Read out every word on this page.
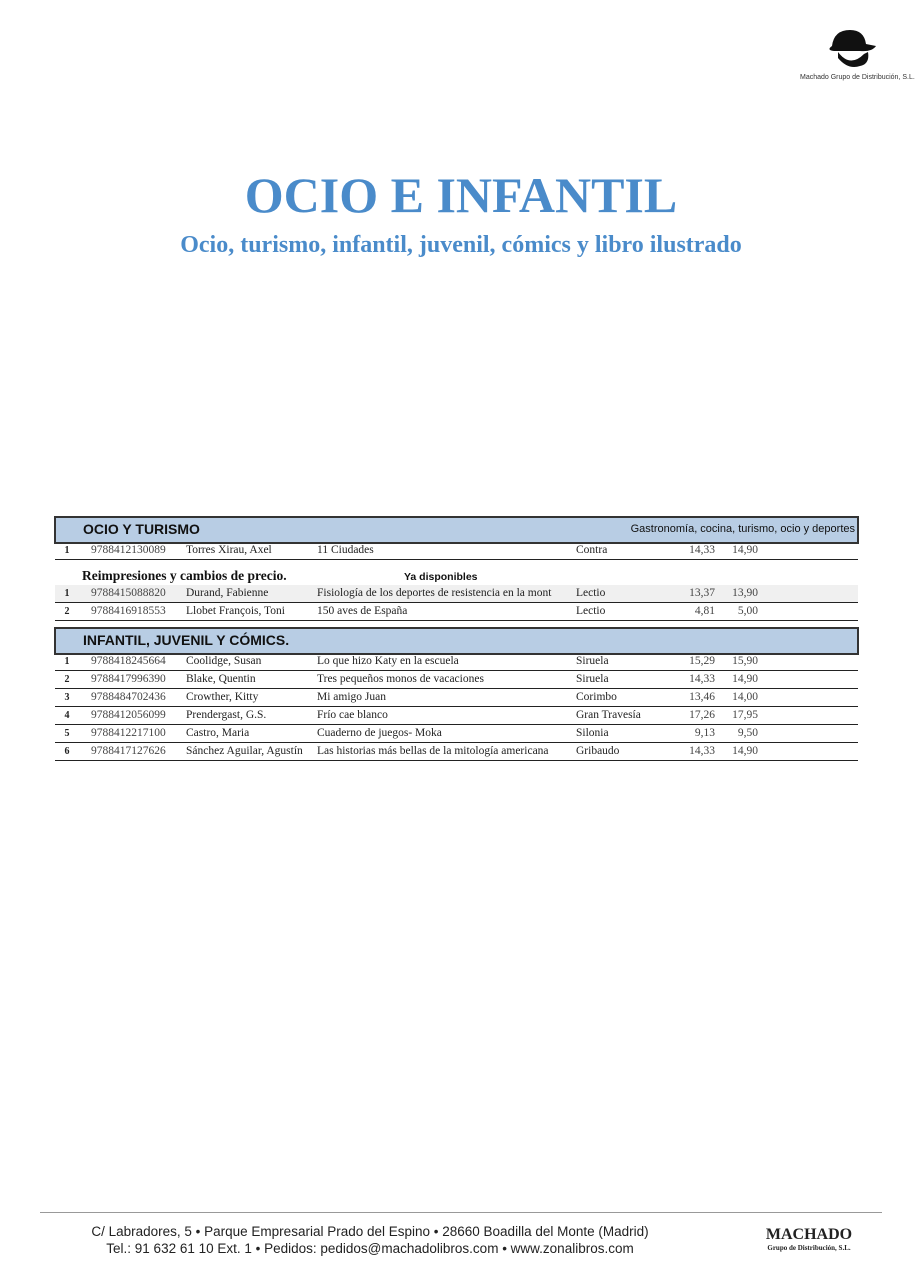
Machado Grupo de Distribución, S.L.
OCIO E INFANTIL
Ocio, turismo, infantil, juvenil, cómics y libro ilustrado
OCIO Y TURISMO	Gastronomía, cocina, turismo, ocio y deportes
Reimpresiones y cambios de precio.	Ya disponibles
INFANTIL, JUVENIL Y CÓMICS.
C/ Labradores, 5 • Parque Empresarial Prado del Espino • 28660 Boadilla del Monte (Madrid)
Tel.: 91 632 61 10 Ext. 1 • Pedidos: pedidos@machadolibros.com • www.zonalibros.com
MACHADO
Grupo de Distribución, S.L.
1	9788412130089	Torres Xirau, Axel	11 Ciudades	Contra	14,33	14,90
1	9788415088820	Durand, Fabienne	Fisiología de los deportes de resistencia en la mont	Lectio	13,37	13,90
2	9788416918553	Llobet François, Toni	150 aves de España	Lectio	4,81	5,00
1	9788418245664	Coolidge, Susan	Lo que hizo Katy en la escuela	Siruela	15,29	15,90
2	9788417996390	Blake, Quentin	Tres pequeños monos de vacaciones	Siruela	14,33	14,90
3	9788484702436	Crowther, Kitty	Mi amigo Juan	Corimbo	13,46	14,00
4	9788412056099	Prendergast, G.S.	Frío cae blanco	Gran Travesía	17,26	17,95
5	9788412217100	Castro, Maria	Cuaderno de juegos- Moka	Silonia	9,13	9,50
6	9788417127626	Sánchez Aguilar, Agustín	Las historias más bellas de la mitología americana	Gribaudo	14,33	14,90
